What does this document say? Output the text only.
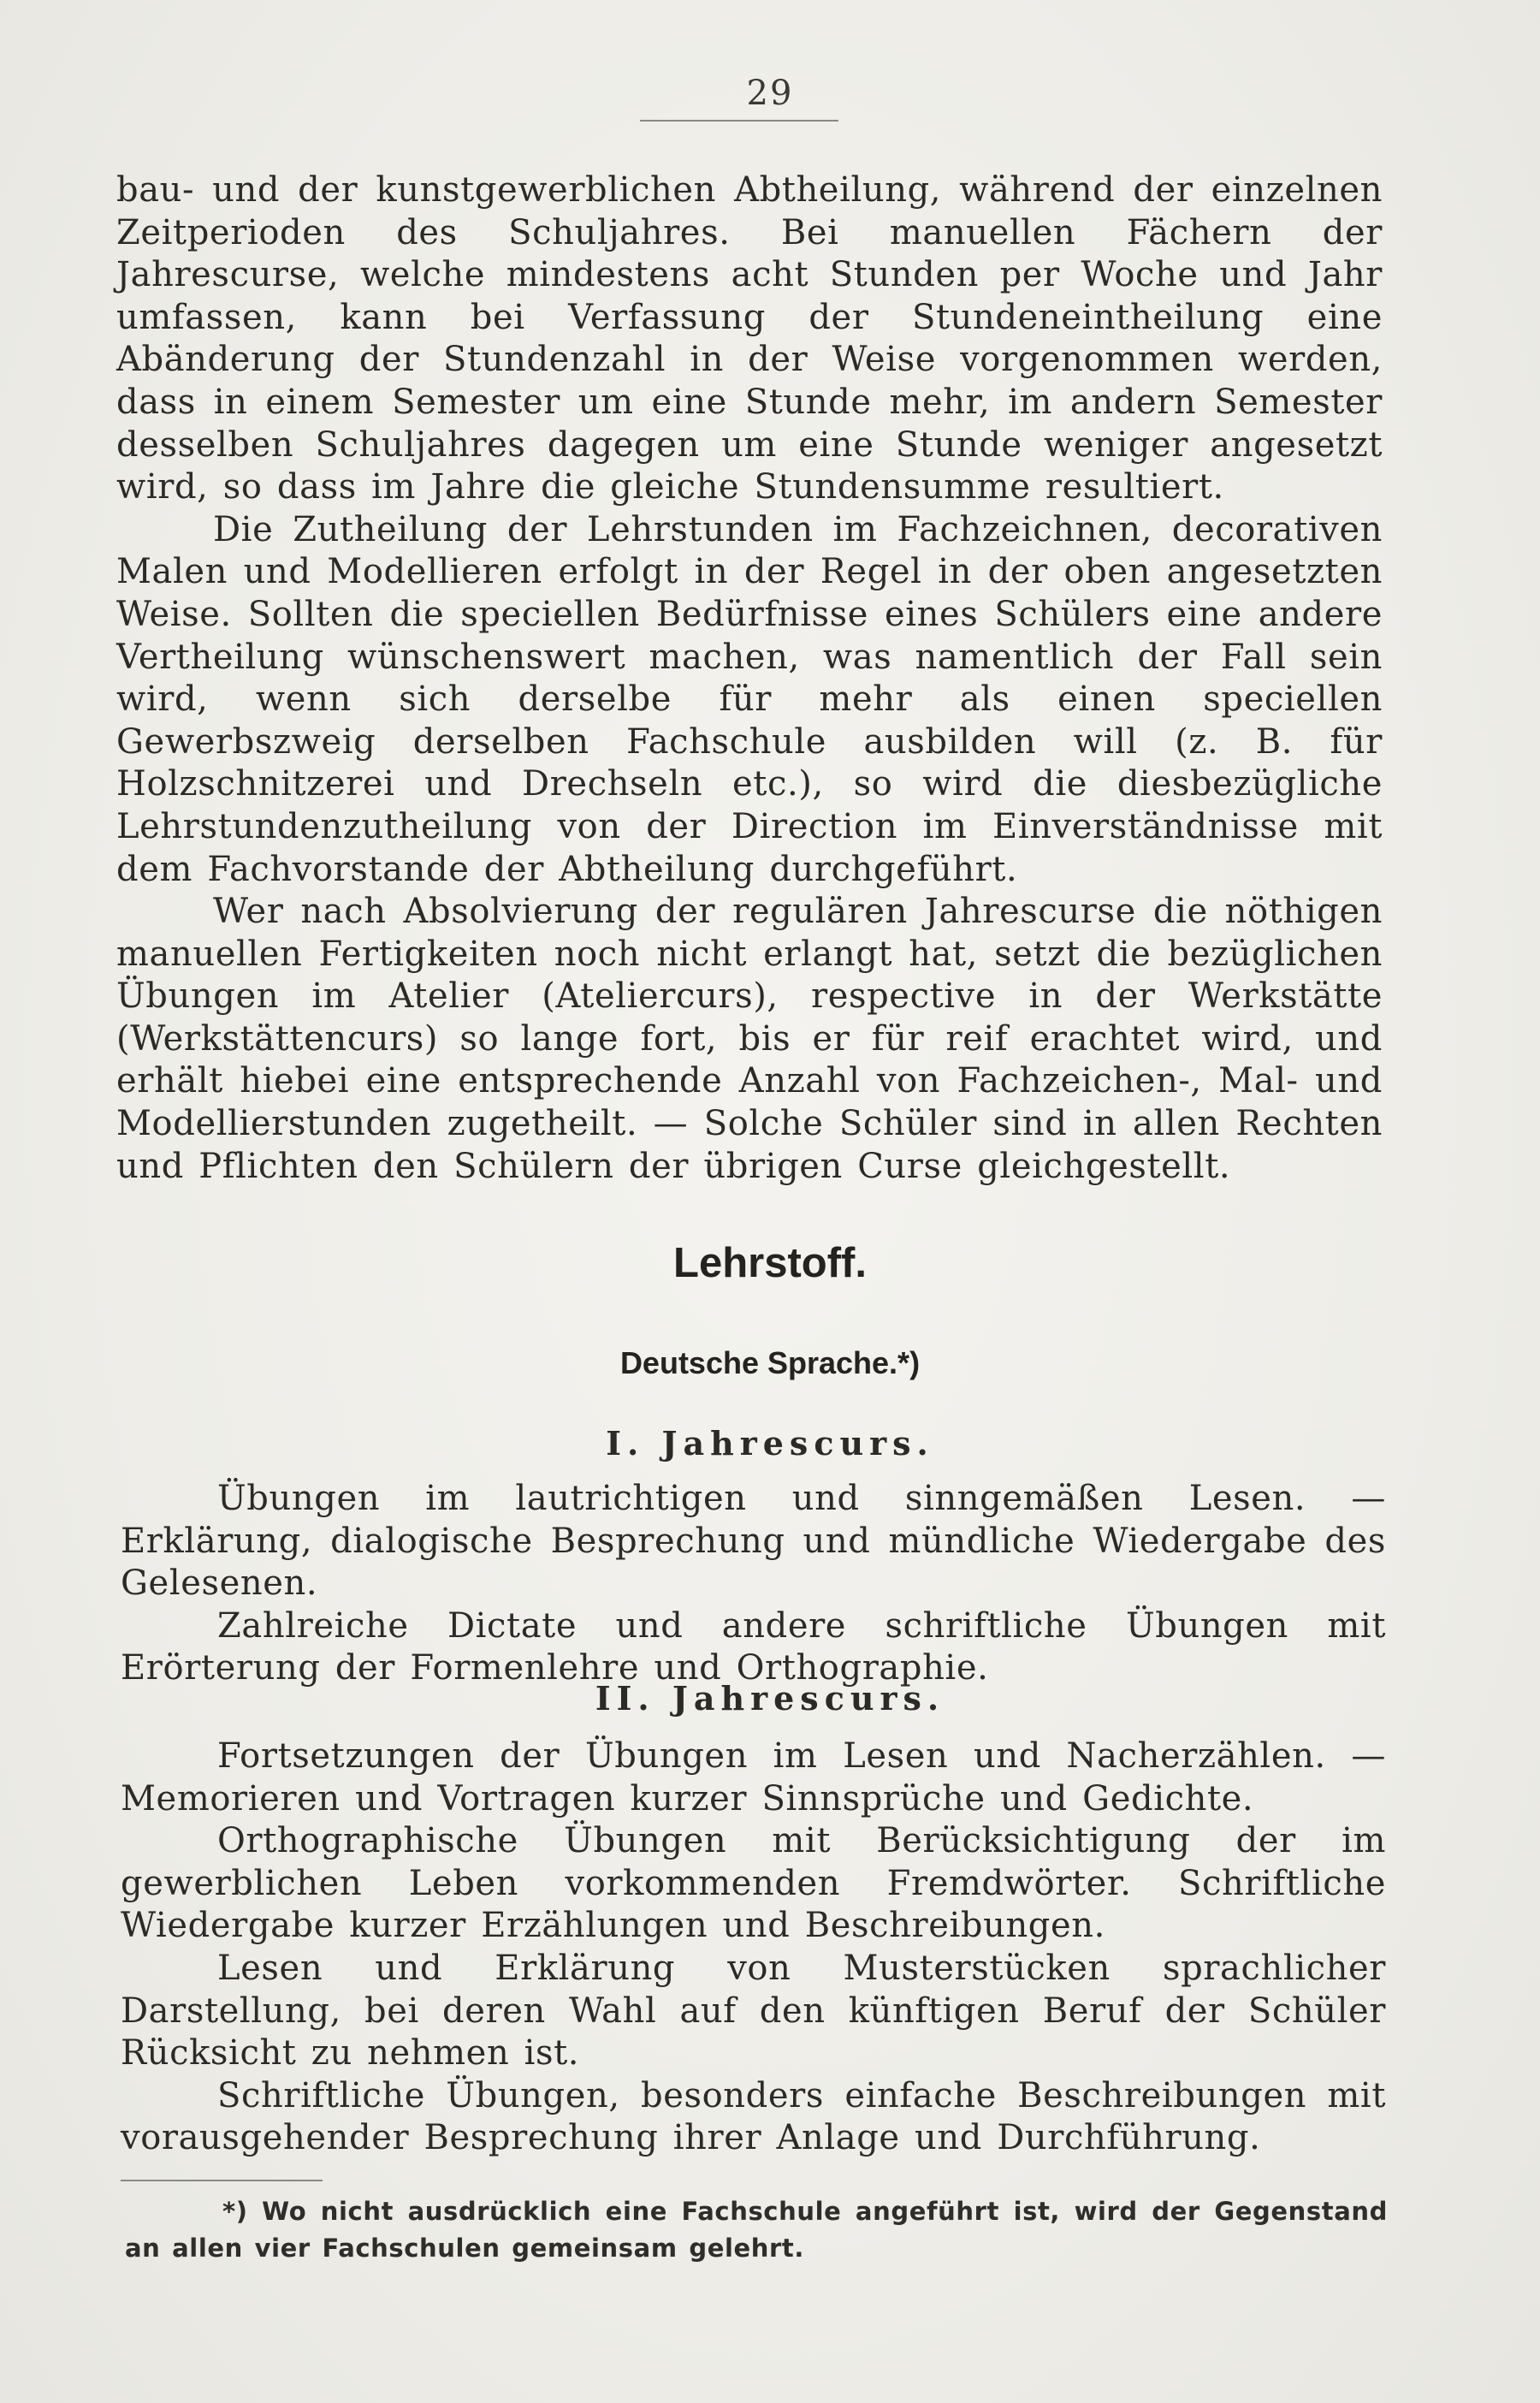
29

bau- und der kunstgewerblichen Abtheilung, während der einzelnen Zeitperioden des Schuljahres. Bei manuellen Fächern der Jahrescurse, welche mindestens acht Stunden per Woche und Jahr umfassen, kann bei Verfassung der Stundeneintheilung eine Abänderung der Stundenzahl in der Weise vorgenommen werden, dass in einem Semester um eine Stunde mehr, im andern Semester desselben Schuljahres dagegen um eine Stunde weniger angesetzt wird, so dass im Jahre die gleiche Stundensumme resultiert.

Die Zutheilung der Lehrstunden im Fachzeichnen, decorativen Malen und Modellieren erfolgt in der Regel in der oben angesetzten Weise. Sollten die speciellen Bedürfnisse eines Schülers eine andere Vertheilung wünschenswert machen, was namentlich der Fall sein wird, wenn sich derselbe für mehr als einen speciellen Gewerbszweig derselben Fachschule ausbilden will (z. B. für Holzschnitzerei und Drechseln etc.), so wird die diesbezügliche Lehrstundenzutheilung von der Direction im Einverständnisse mit dem Fachvorstande der Abtheilung durchgeführt.

Wer nach Absolvierung der regulären Jahrescurse die nöthigen manuellen Fertigkeiten noch nicht erlangt hat, setzt die bezüglichen Übungen im Atelier (Ateliercurs), respective in der Werkstätte (Werkstättencurs) so lange fort, bis er für reif erachtet wird, und erhält hiebei eine entsprechende Anzahl von Fachzeichen-, Mal- und Modellierstunden zugetheilt. — Solche Schüler sind in allen Rechten und Pflichten den Schülern der übrigen Curse gleichgestellt.

Lehrstoff.
Deutsche Sprache.*)
I. Jahrescurs.

Übungen im lautrichtigen und sinngemäßen Lesen. — Erklärung, dialogische Besprechung und mündliche Wiedergabe des Gelesenen.

Zahlreiche Dictate und andere schriftliche Übungen mit Erörterung der Formenlehre und Orthographie.

II. Jahrescurs.

Fortsetzungen der Übungen im Lesen und Nacherzählen. — Memorieren und Vortragen kurzer Sinnsprüche und Gedichte.

Orthographische Übungen mit Berücksichtigung der im gewerblichen Leben vorkommenden Fremdwörter. Schriftliche Wiedergabe kurzer Erzählungen und Beschreibungen.

Lesen und Erklärung von Musterstücken sprachlicher Darstellung, bei deren Wahl auf den künftigen Beruf der Schüler Rücksicht zu nehmen ist.

Schriftliche Übungen, besonders einfache Beschreibungen mit vorausgehender Besprechung ihrer Anlage und Durchführung.

*) Wo nicht ausdrücklich eine Fachschule angeführt ist, wird der Gegenstand an allen vier Fachschulen gemeinsam gelehrt.
